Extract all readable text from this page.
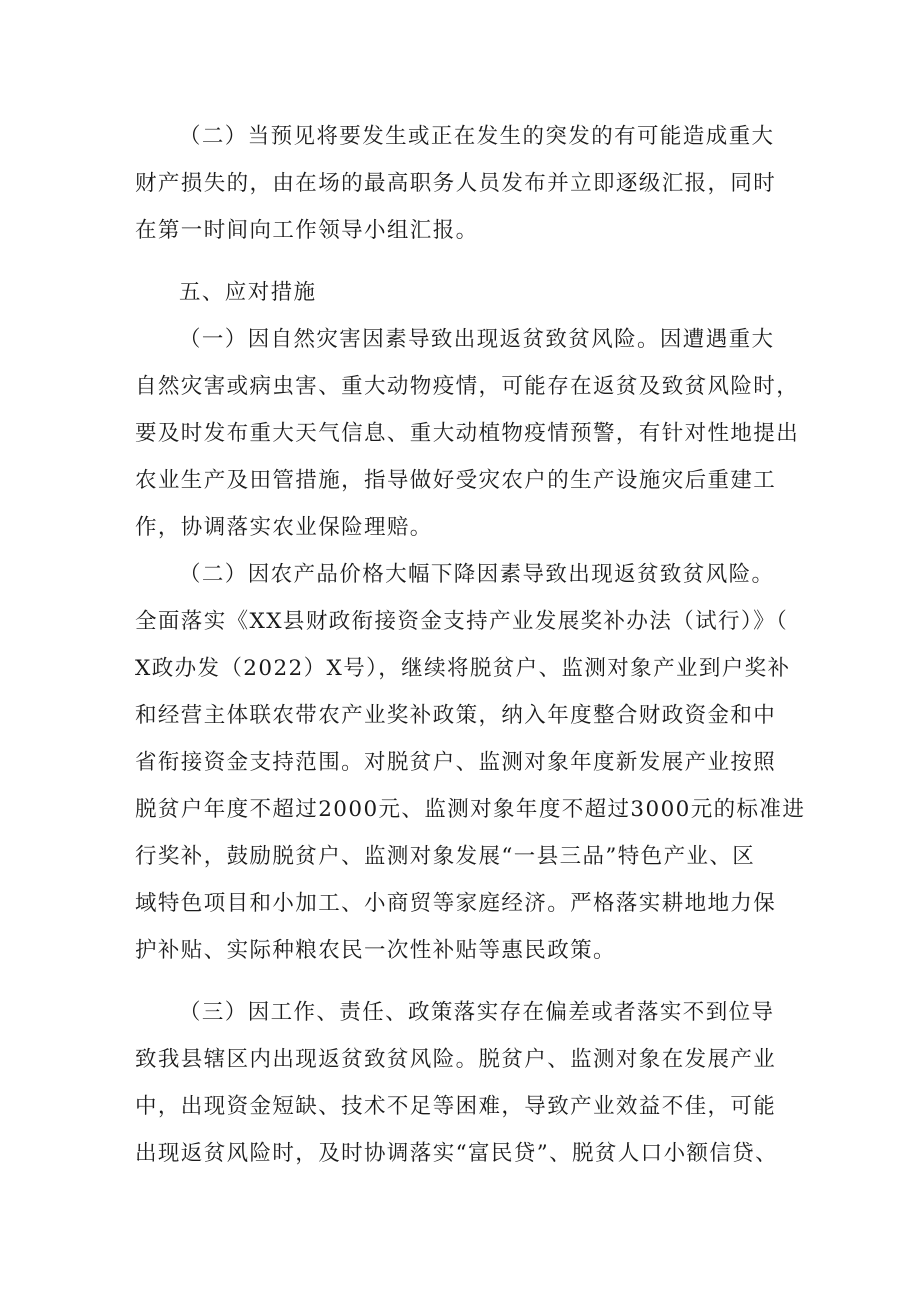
（二）当预见将要发生或正在发生的突发的有可能造成重大
财产损失的，由在场的最高职务人员发布并立即逐级汇报，同时
在第一时间向工作领导小组汇报。
五、应对措施
（一）因自然灾害因素导致出现返贫致贫风险。因遭遇重大
自然灾害或病虫害、重大动物疫情，可能存在返贫及致贫风险时，
要及时发布重大天气信息、重大动植物疫情预警，有针对性地提出
农业生产及田管措施，指导做好受灾农户的生产设施灾后重建工
作，协调落实农业保险理赔。
（二）因农产品价格大幅下降因素导致出现返贫致贫风险。
全面落实《XX县财政衔接资金支持产业发展奖补办法（试行）》（
X政办发（2022）X号），继续将脱贫户、监测对象产业到户奖补
和经营主体联农带农产业奖补政策，纳入年度整合财政资金和中
省衔接资金支持范围。对脱贫户、监测对象年度新发展产业按照
脱贫户年度不超过2000元、监测对象年度不超过3000元的标准进
行奖补，鼓励脱贫户、监测对象发展“一县三品”特色产业、区
域特色项目和小加工、小商贸等家庭经济。严格落实耕地地力保
护补贴、实际种粮农民一次性补贴等惠民政策。
（三）因工作、责任、政策落实存在偏差或者落实不到位导
致我县辖区内出现返贫致贫风险。脱贫户、监测对象在发展产业
中，出现资金短缺、技术不足等困难，导致产业效益不佳，可能
出现返贫风险时，及时协调落实“富民贷”、脱贫人口小额信贷、
